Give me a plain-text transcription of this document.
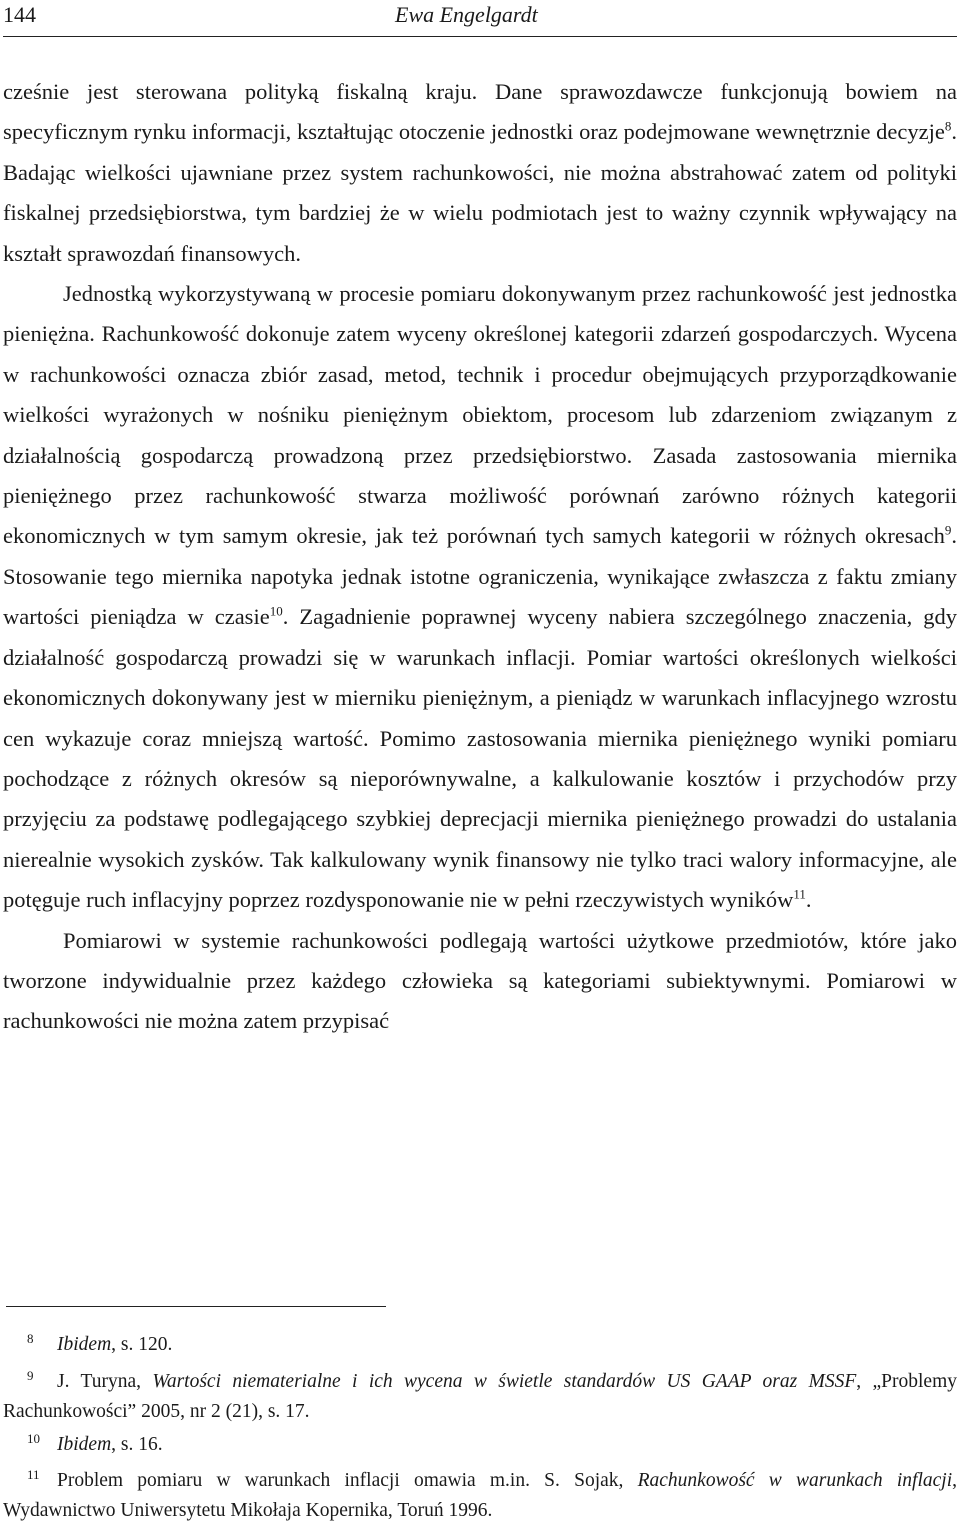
144	Ewa Engelgardt

cześnie jest sterowana polityką fiskalną kraju. Dane sprawozdawcze funkcjonują bowiem na specyficznym rynku informacji, kształtując otoczenie jednostki oraz podejmowane wewnętrznie decyzje$^8$. Badając wielkości ujawniane przez system rachunkowości, nie można abstrahować zatem od polityki fiskalnej przedsiębiorstwa, tym bardziej że w wielu podmiotach jest to ważny czynnik wpływający na kształt sprawozdań finansowych.

Jednostką wykorzystywaną w procesie pomiaru dokonywanym przez rachunkowość jest jednostka pieniężna. Rachunkowość dokonuje zatem wyceny określonej kategorii zdarzeń gospodarczych. Wycena w rachunkowości oznacza zbiór zasad, metod, technik i procedur obejmujących przyporządkowanie wielkości wyrażonych w nośniku pieniężnym obiektom, procesom lub zdarzeniom związanym z działalnością gospodarczą prowadzoną przez przedsiębiorstwo. Zasada zastosowania miernika pieniężnego przez rachunkowość stwarza możliwość porównań zarówno różnych kategorii ekonomicznych w tym samym okresie, jak też porównań tych samych kategorii w różnych okresach$^9$. Stosowanie tego miernika napotyka jednak istotne ograniczenia, wynikające zwłaszcza z faktu zmiany wartości pieniądza w czasie$^{10}$. Zagadnienie poprawnej wyceny nabiera szczególnego znaczenia, gdy działalność gospodarczą prowadzi się w warunkach inflacji. Pomiar wartości określonych wielkości ekonomicznych dokonywany jest w mierniku pieniężnym, a pieniądz w warunkach inflacyjnego wzrostu cen wykazuje coraz mniejszą wartość. Pomimo zastosowania miernika pieniężnego wyniki pomiaru pochodzące z różnych okresów są nieporównywalne, a kalkulowanie kosztów i przychodów przy przyjęciu za podstawę podlegającego szybkiej deprecjacji miernika pieniężnego prowadzi do ustalania nierealnie wysokich zysków. Tak kalkulowany wynik finansowy nie tylko traci walory informacyjne, ale potęguje ruch inflacyjny poprzez rozdysponowanie nie w pełni rzeczywistych wyników$^{11}$.

Pomiarowi w systemie rachunkowości podlegają wartości użytkowe przedmiotów, które jako tworzone indywidualnie przez każdego człowieka są kategoriami subiektywnymi. Pomiarowi w rachunkowości nie można zatem przypisać

8	Ibidem, s. 120.
9	J. Turyna, Wartości niematerialne i ich wycena w świetle standardów US GAAP oraz MSSF, „Problemy Rachunkowości” 2005, nr 2 (21), s. 17.
10 Ibidem, s. 16.
11 Problem pomiaru w warunkach inflacji omawia m.in. S. Sojak, Rachunkowość w warunkach inflacji, Wydawnictwo Uniwersytetu Mikołaja Kopernika, Toruń 1996.
